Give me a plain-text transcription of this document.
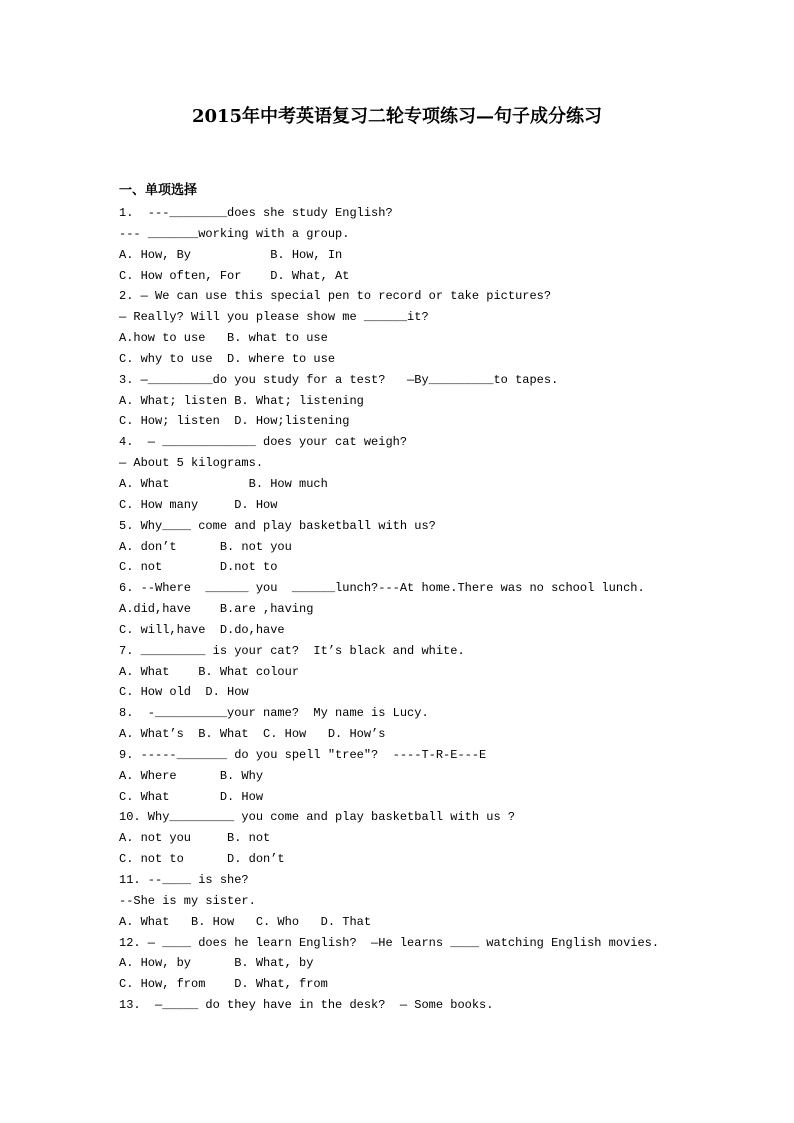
2015年中考英语复习二轮专项练习—句子成分练习
一、单项选择
1.  ---________does she study English?
--- _______working with a group.
A. How, By           B. How, In
C. How often, For    D. What, At
2. — We can use this special pen to record or take pictures?
— Really? Will you please show me ______it?
A.how to use   B. what to use
C. why to use  D. where to use
3. —_________do you study for a test?   —By_________to tapes.
A. What; listen B. What; listening
C. How; listen  D. How;listening
4.  — _____________ does your cat weigh?
— About 5 kilograms.
A. What           B. How much
C. How many     D. How
5. Why____ come and play basketball with us?
A. don’t      B. not you
C. not        D.not to
6. --Where  ______ you  ______lunch?---At home.There was no school lunch.
A.did,have    B.are ,having
C. will,have  D.do,have
7. _________ is your cat?  It’s black and white.
A. What    B. What colour
C. How old  D. How
8.  -__________your name?  My name is Lucy.
A. What’s  B. What  C. How   D. How’s
9. -----_______ do you spell "tree"?  ----T-R-E---E
A. Where      B. Why
C. What       D. How
10. Why_________ you come and play basketball with us ?
A. not you     B. not
C. not to      D. don’t
11. --____ is she?
--She is my sister.
A. What   B. How   C. Who   D. That
12. — ____ does he learn English?  —He learns ____ watching English movies.
A. How, by      B. What, by
C. How, from    D. What, from
13.  —_____ do they have in the desk?  — Some books.
